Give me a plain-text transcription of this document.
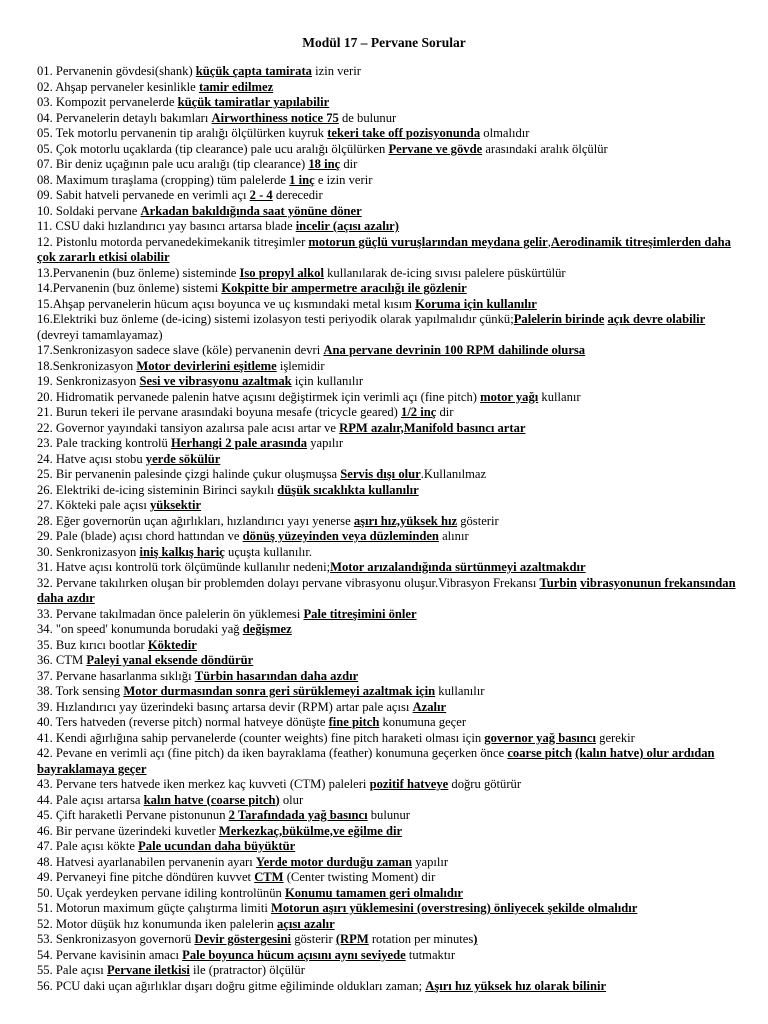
Modül 17 – Pervane Sorular
01. Pervanenin gövdesi(shank) küçük çapta tamirata izin verir
02. Ahşap pervaneler kesinlikle tamir edilmez
03. Kompozit pervanelerde küçük tamiratlar yapılabilir
04. Pervanelerin detaylı bakımları Airworthiness notice 75 de bulunur
05. Tek motorlu pervanenin tip aralığı ölçülürken kuyruk tekeri take off pozisyonunda olmalıdır
05. Çok motorlu uçaklarda (tip clearance) pale ucu aralığı ölçülürken Pervane ve gövde arasındaki aralık ölçülür
07. Bir deniz uçağının pale ucu aralığı (tip clearance) 18 inç dir
08. Maximum tıraşlama (cropping) tüm palelerde 1 inç e izin verir
09. Sabit hatveli pervanede en verimli açı 2 - 4 derecedir
10. Soldaki pervane Arkadan bakıldığında saat yönüne döner
11. CSU daki hızlandırıcı yay basıncı artarsa blade incelir (açısı azalır)
12. Pistonlu motorda pervanedekimekanik titreşimler motorun güçlü vuruşlarından meydana gelir,Aerodinamik titreşimlerden daha çok zararlı etkisi olabilir
13.Pervanenin (buz önleme) sisteminde Iso propyl alkol kullanılarak de-icing sıvısı palelere püskürtülür
14.Pervanenin (buz önleme) sistemi Kokpitte bir ampermetre aracılığı ile gözlenir
15.Ahşap pervanelerin hücum açısı boyunca ve uç kısmındaki metal kısım Koruma için kullanılır
16.Elektriki buz önleme (de-icing) sistemi izolasyon testi periyodik olarak yapılmalıdır çünkü;Palelerin birinde açık devre olabilir (devreyi tamamlayamaz)
17.Senkronizasyon sadece slave (köle) pervanenin devri Ana pervane devrinin 100 RPM dahilinde olursa
18.Senkronizasyon Motor devirlerini eşitleme işlemidir
19. Senkronizasyon Sesi ve vibrasyonu azaltmak için kullanılır
20. Hidromatik pervanede palenin hatve açısını değiştirmek için verimli açı (fine pitch) motor yağı kullanır
21. Burun tekeri ile pervane arasındaki boyuna mesafe (tricycle geared) 1/2 inç dir
22. Governor yayındaki tansiyon azalırsa pale acısı artar ve RPM azalır,Manifold basıncı artar
23. Pale tracking kontrolü Herhangi 2 pale arasında yapılır
24. Hatve açısı stobu yerde sökülür
25. Bir pervanenin palesinde çizgi halinde çukur oluşmuşsa Servis dışı olur.Kullanılmaz
26. Elektriki de-icing sisteminin Birinci saykılı düşük sıcaklıkta kullanılır
27. Kökteki pale açısı yüksektir
28. Eğer governorün uçan ağırlıkları, hızlandırıcı yayı yenerse aşırı hız,yüksek hız gösterir
29. Pale (blade) açısı chord hattından ve dönüş yüzeyinden veya düzleminden alınır
30. Senkronizasyon iniş kalkış hariç uçuşta kullanılır.
31. Hatve açısı kontrolü tork ölçümünde kullanılır nedeni;Motor arızalandığında sürtünmeyi azaltmakdır
32. Pervane takılırken oluşan bir problemden dolayı pervane vibrasyonu oluşur.Vibrasyon Frekansı Turbin vibrasyonunun frekansından daha azdır
33. Pervane takılmadan önce palelerin ön yüklemesi Pale titreşimini önler
34. "on speed' konumunda borudaki yağ değişmez
35. Buz kırıcı bootlar Köktedir
36. CTM Paleyi yanal eksende döndürür
37. Pervane hasarlanma sıklığı Türbin hasarından daha azdır
38. Tork sensing Motor durmasından sonra geri sürüklemeyi azaltmak için kullanılır
39. Hızlandırıcı yay üzerindeki basınç artarsa devir (RPM) artar pale açısı Azalır
40. Ters hatveden (reverse pitch) normal hatveye dönüşte fine pitch konumuna geçer
41. Kendi ağırlığına sahip pervanelerde (counter weights) fine pitch haraketi olması için governor yağ basıncı gerekir
42. Pevane en verimli açı (fine pitch) da iken bayraklama (feather) konumuna geçerken önce coarse pitch (kalın hatve) olur ardıdan bayraklamaya geçer
43. Pervane ters hatvede iken merkez kaç kuvveti (CTM) paleleri pozitif hatveye doğru götürür
44. Pale açısı artarsa kalın hatve (coarse pitch) olur
45. Çift haraketli Pervane pistonunun 2 Tarafındada yağ basıncı bulunur
46. Bir pervane üzerindeki kuvetler Merkezkaç,bükülme,ve eğilme dir
47. Pale açısı kökte Pale ucundan daha büyüktür
48. Hatvesi ayarlanabilen pervanenin ayarı Yerde motor durduğu zaman yapılır
49. Pervaneyi fine pitche döndüren kuvvet CTM (Center twisting Moment) dir
50. Uçak yerdeyken pervane idiling kontrolünün Konumu tamamen geri olmalıdır
51. Motorun maximum güçte çalıştırma limiti Motorun aşırı yüklemesini (overstresing) önliyecek şekilde olmalıdır
52. Motor düşük hız konumunda iken palelerin açısı azalır
53. Senkronizasyon governorü Devir göstergesini gösterir (RPM rotation per minutes)
54. Pervane kavisinin amacı Pale boyunca hücum açısını aynı seviyede tutmaktır
55. Pale açısı Pervane iletkisi ile (pratractor) ölçülür
56. PCU daki uçan ağırlıklar dışarı doğru gitme eğiliminde oldukları zaman; Aşırı hız yüksek hız olarak bilinir
